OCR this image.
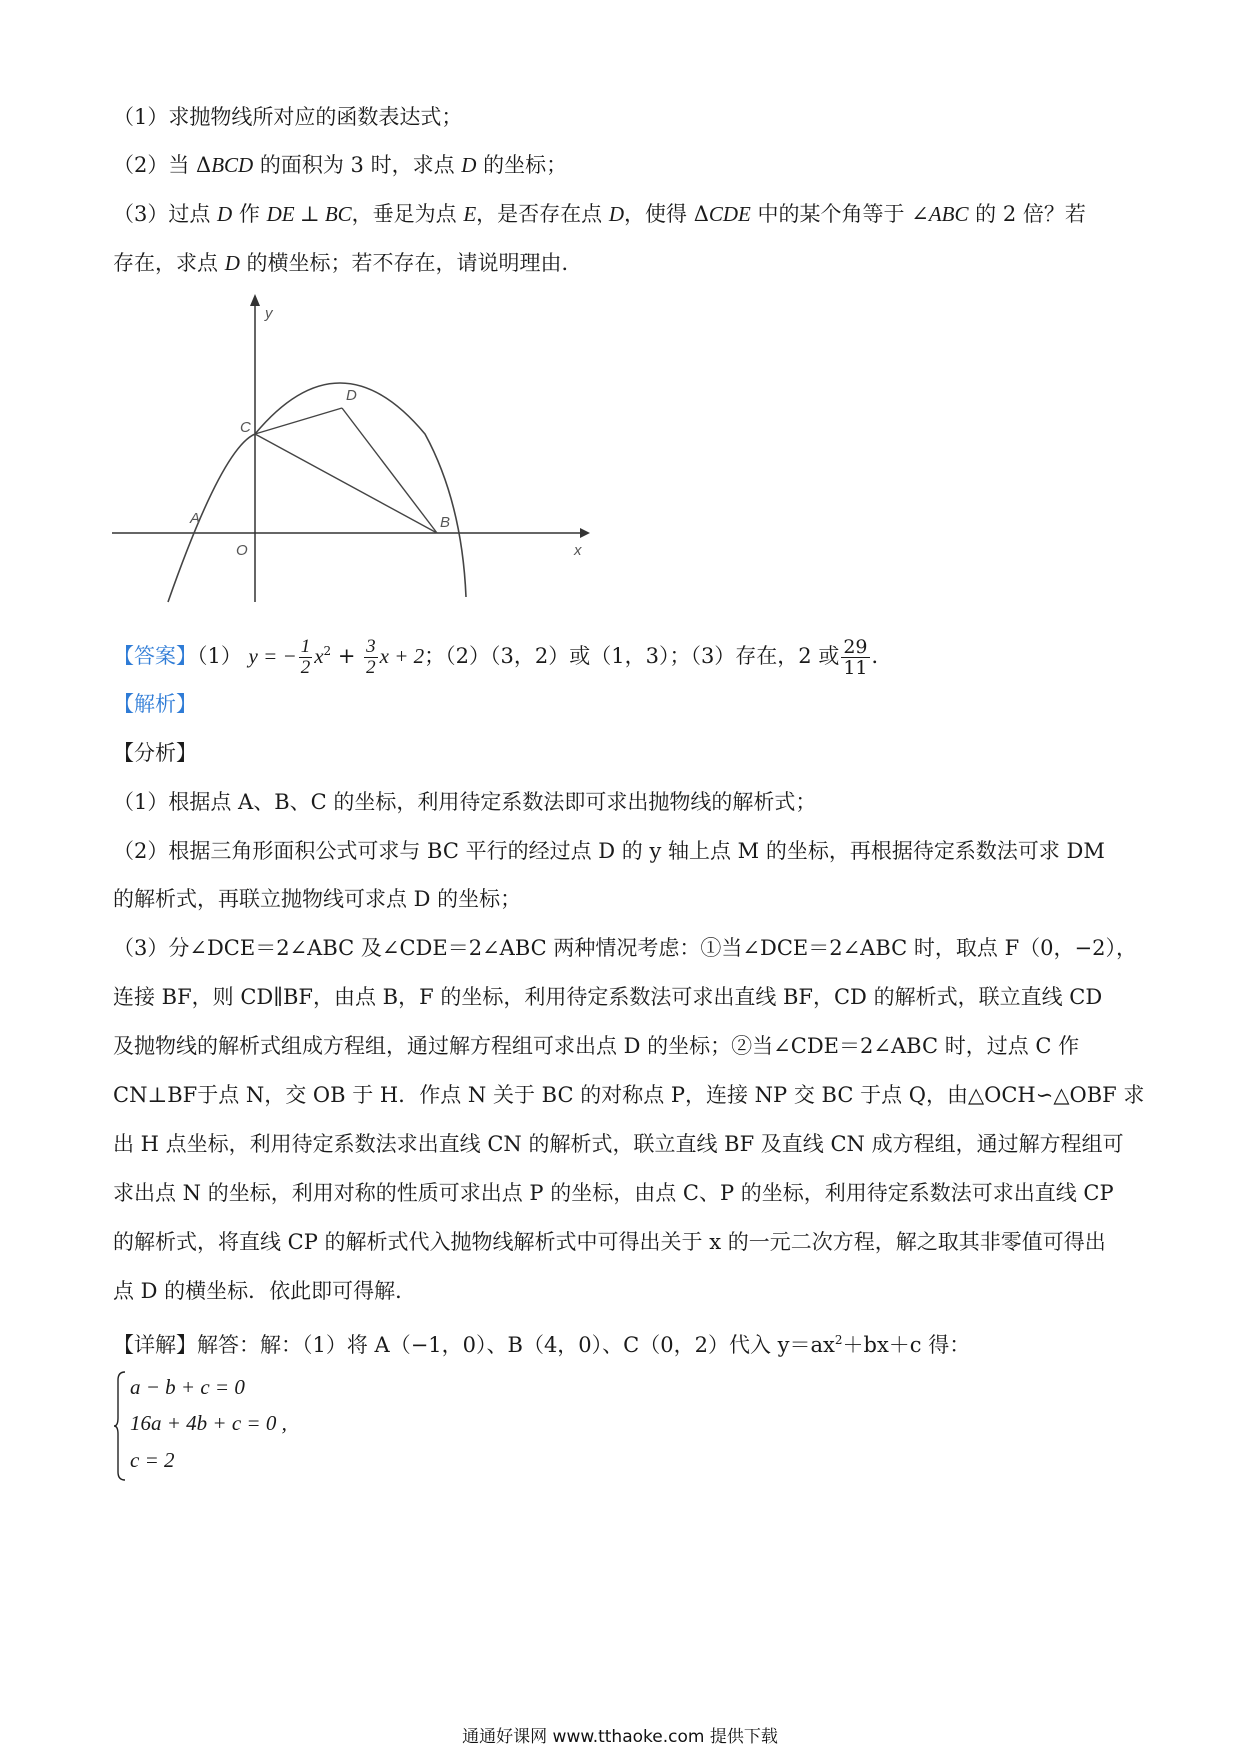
（1）求抛物线所对应的函数表达式；
（2）当 ΔBCD 的面积为 3 时，求点 D 的坐标；
（3）过点 D 作 DE ⊥ BC，垂足为点 E，是否存在点 D，使得 ΔCDE 中的某个角等于 ∠ABC 的 2 倍？若
存在，求点 D 的横坐标；若不存在，请说明理由．
y
x
O
A	B
C
D
【答案】（1） y = − $\frac{1}{2} x^2 + \frac{3}{2}$ x + 2；（2）（3，2）或（1，3）；（3）存在，2 或 $\frac{29}{11}$ ．
【解析】
【分析】
（1）根据点 A、B、C 的坐标，利用待定系数法即可求出抛物线的解析式；
（2）根据三角形面积公式可求与 BC 平行的经过点 D 的 y 轴上点 M 的坐标，再根据待定系数法可求 DM
的解析式，再联立抛物线可求点 D 的坐标；
（3）分∠DCE＝2∠ABC 及∠CDE＝2∠ABC 两种情况考虑：①当∠DCE＝2∠ABC 时，取点 F（0，−2），
连接 BF，则 CD∥BF，由点 B，F 的坐标，利用待定系数法可求出直线 BF，CD 的解析式，联立直线 CD
及抛物线的解析式组成方程组，通过解方程组可求出点 D 的坐标；②当∠CDE＝2∠ABC 时，过点 C 作
CN⊥BF于点 N，交 OB 于 H．作点 N 关于 BC 的对称点 P，连接 NP 交 BC 于点 Q，由△OCH∽△OBF 求
出 H 点坐标，利用待定系数法求出直线 CN 的解析式，联立直线 BF 及直线 CN 成方程组，通过解方程组可
求出点 N 的坐标，利用对称的性质可求出点 P 的坐标，由点 C、P 的坐标，利用待定系数法可求出直线 CP
的解析式，将直线 CP 的解析式代入抛物线解析式中可得出关于 x 的一元二次方程，解之取其非零值可得出
点 D 的横坐标．依此即可得解．
【详解】解答：解：（1）将 A（−1，0）、B（4，0）、C（0，2）代入 $y=ax^2+bx+c$ 得：
a − b + c = 0
16a + 4b + c = 0 ,
c = 2
通通好课网 www.tthaoke.com 提供下载
